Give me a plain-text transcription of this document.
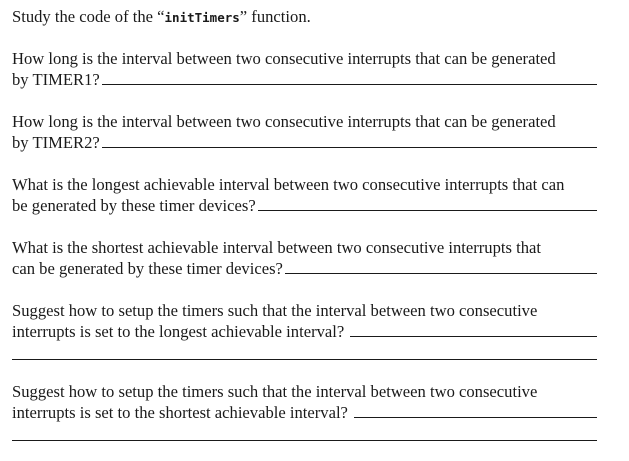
Study the code of the “initTimers” function.

How long is the interval between two consecutive interrupts that can be generated
by TIMER1?
How long is the interval between two consecutive interrupts that can be generated
by TIMER2?
What is the longest achievable interval between two consecutive interrupts that can
be generated by these timer devices?
What is the shortest achievable interval between two consecutive interrupts that
can be generated by these timer devices?
Suggest how to setup the timers such that the interval between two consecutive
interrupts is set to the longest achievable interval?
Suggest how to setup the timers such that the interval between two consecutive
interrupts is set to the shortest achievable interval?
